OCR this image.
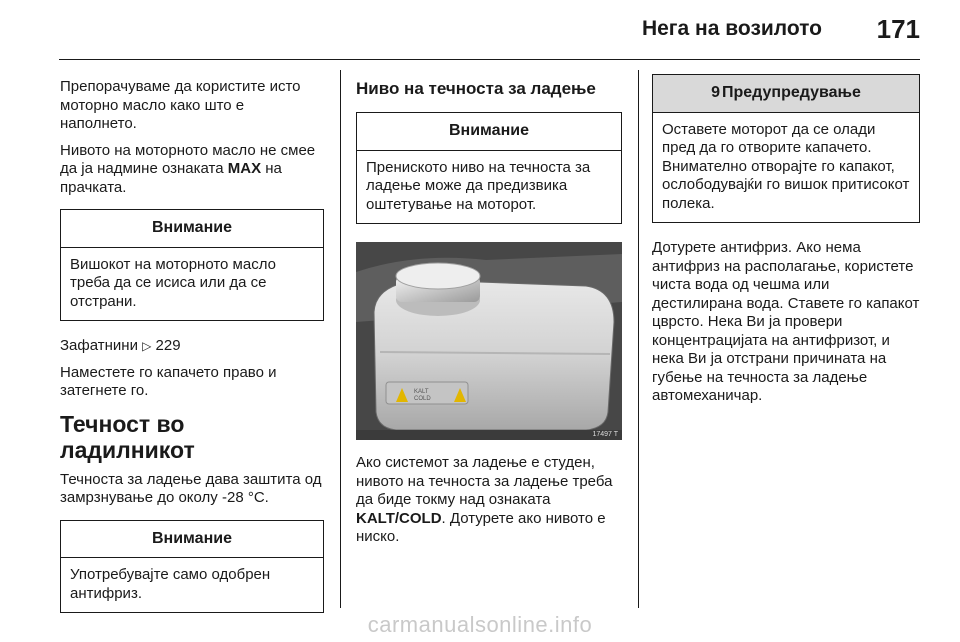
Нега на возилото 171

Препорачуваме да користите исто моторно масло како што е наполнето.

Нивото на моторното масло не смее да ја надмине ознаката MAX на прачката.

Внимание
Вишокот на моторното масло треба да се исиса или да се отстрани.

Зафатнини ▷ 229

Наместете го капачето право и затегнете го.

Течност во ладилникот

Течноста за ладење дава заштита од замрзнување до околу -28 °C.

Внимание
Употребувајте само одобрен антифриз.
Ниво на течноста за ладење
Внимание
Прениското ниво на течноста за ладење може да предизвика оштетување на моторот.
KALT
COLD
17497 T

Ако системот за ладење е студен, нивото на течноста за ладење треба да биде токму над ознаката KALT/COLD. Дотурете ако нивото е ниско.

9 Предупредување
Оставете моторот да се олади пред да го отворите капачето. Внимателно отворајте го капакот, ослободувајќи го вишок притисокот полека.

Дотурете антифриз. Ако нема антифриз на располагање, користете чиста вода од чешма или дестилирана вода. Ставете го капакот цврсто. Нека Ви ја провери концентрацијата на антифризот, и нека Ви ја отстрани причината на губење на течноста за ладење автомеханичар.

carmanualsonline.info
